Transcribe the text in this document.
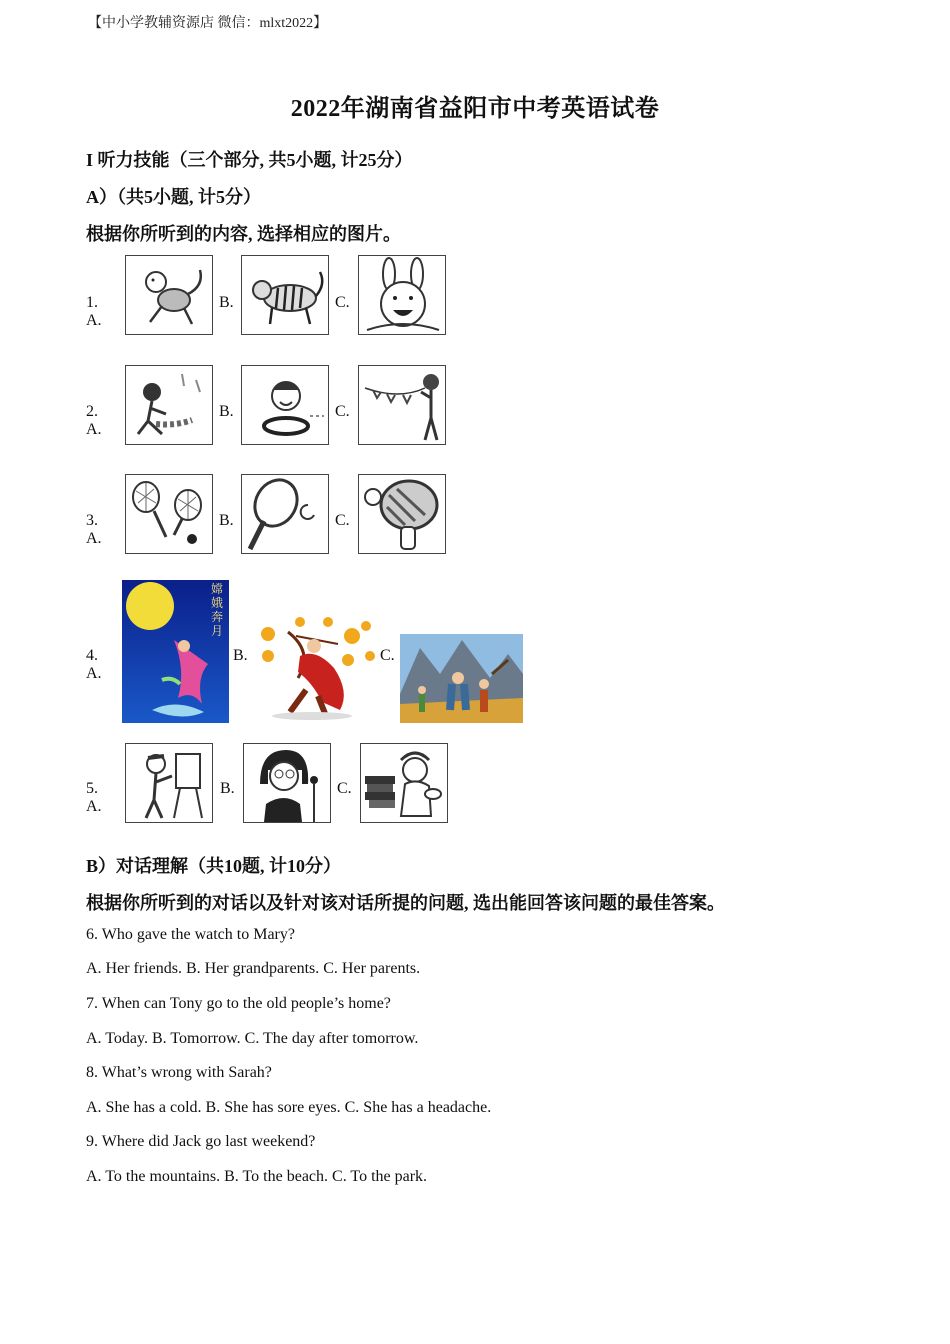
【中小学教辅资源店 微信：mlxt2022】
2022年湖南省益阳市中考英语试卷
I 听力技能（三个部分, 共5小题, 计25分）
A）（共5小题, 计5分）
根据你所听到的内容, 选择相应的图片。
1. A.
B.	C.
2. A.
B.	C.
3. A.
B.	C.
4. A.
嫦娥奔月
B.	C.
5. A.
B.	C.
B）对话理解（共10题, 计10分）
根据你所听到的对话以及针对该对话所提的问题, 选出能回答该问题的最佳答案。
6. Who gave the watch to Mary?
A. Her friends. B. Her grandparents. C. Her parents.
7. When can Tony go to the old people’s home?
A. Today. B. Tomorrow. C. The day after tomorrow.
8. What’s wrong with Sarah?
A. She has a cold. B. She has sore eyes. C. She has a headache.
9. Where did Jack go last weekend?
A. To the mountains. B. To the beach. C. To the park.
